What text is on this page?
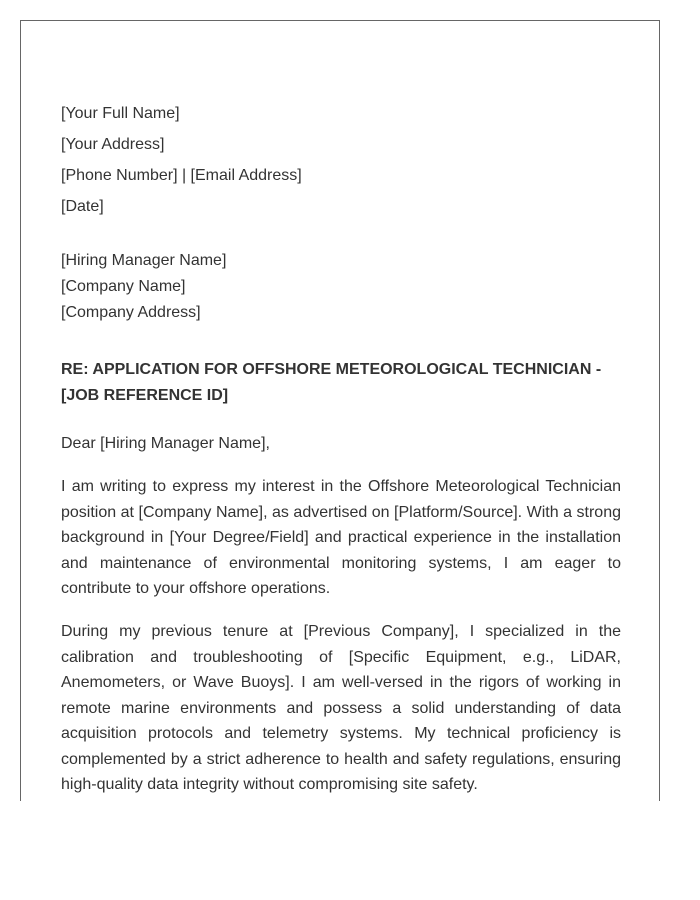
[Your Full Name]

[Your Address]

[Phone Number] | [Email Address]

[Date]

[Hiring Manager Name]

[Company Name]

[Company Address]

RE: APPLICATION FOR OFFSHORE METEOROLOGICAL TECHNICIAN -

[JOB REFERENCE ID]

Dear [Hiring Manager Name],

I am writing to express my interest in the Offshore Meteorological Technician position at [Company Name], as advertised on [Platform/Source]. With a strong background in [Your Degree/Field] and practical experience in the installation and maintenance of environmental monitoring systems, I am eager to contribute to your offshore operations.

During my previous tenure at [Previous Company], I specialized in the calibration and troubleshooting of [Specific Equipment, e.g., LiDAR, Anemometers, or Wave Buoys]. I am well-versed in the rigors of working in remote marine environments and possess a solid understanding of data acquisition protocols and telemetry systems. My technical proficiency is complemented by a strict adherence to health and safety regulations, ensuring high-quality data integrity without compromising site safety.
